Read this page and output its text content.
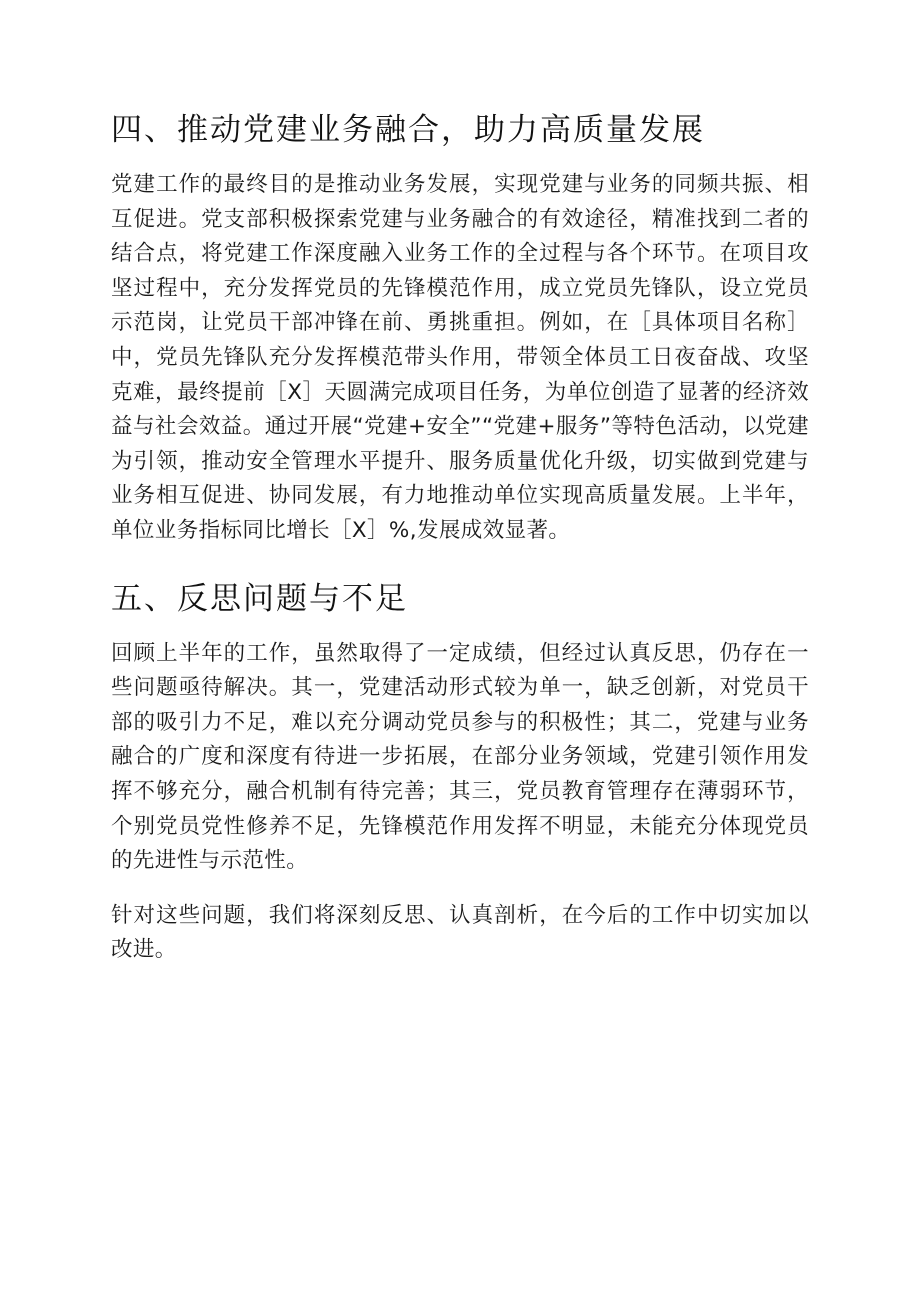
四、推动党建业务融合，助力高质量发展

党建工作的最终目的是推动业务发展，实现党建与业务的同频共振、相互促进。党支部积极探索党建与业务融合的有效途径，精准找到二者的结合点，将党建工作深度融入业务工作的全过程与各个环节。在项目攻坚过程中，充分发挥党员的先锋模范作用，成立党员先锋队，设立党员示范岗，让党员干部冲锋在前、勇挑重担。例如，在［具体项目名称］中，党员先锋队充分发挥模范带头作用，带领全体员工日夜奋战、攻坚克难，最终提前［X］天圆满完成项目任务，为单位创造了显著的经济效益与社会效益。通过开展“党建+安全”“党建+服务”等特色活动，以党建为引领，推动安全管理水平提升、服务质量优化升级，切实做到党建与业务相互促进、协同发展，有力地推动单位实现高质量发展。上半年，单位业务指标同比增长［X］%,发展成效显著。

五、反思问题与不足

回顾上半年的工作，虽然取得了一定成绩，但经过认真反思，仍存在一些问题亟待解决。其一，党建活动形式较为单一，缺乏创新，对党员干部的吸引力不足，难以充分调动党员参与的积极性；其二，党建与业务融合的广度和深度有待进一步拓展，在部分业务领域，党建引领作用发挥不够充分，融合机制有待完善；其三，党员教育管理存在薄弱环节，个别党员党性修养不足，先锋模范作用发挥不明显，未能充分体现党员的先进性与示范性。

针对这些问题，我们将深刻反思、认真剖析，在今后的工作中切实加以改进。
